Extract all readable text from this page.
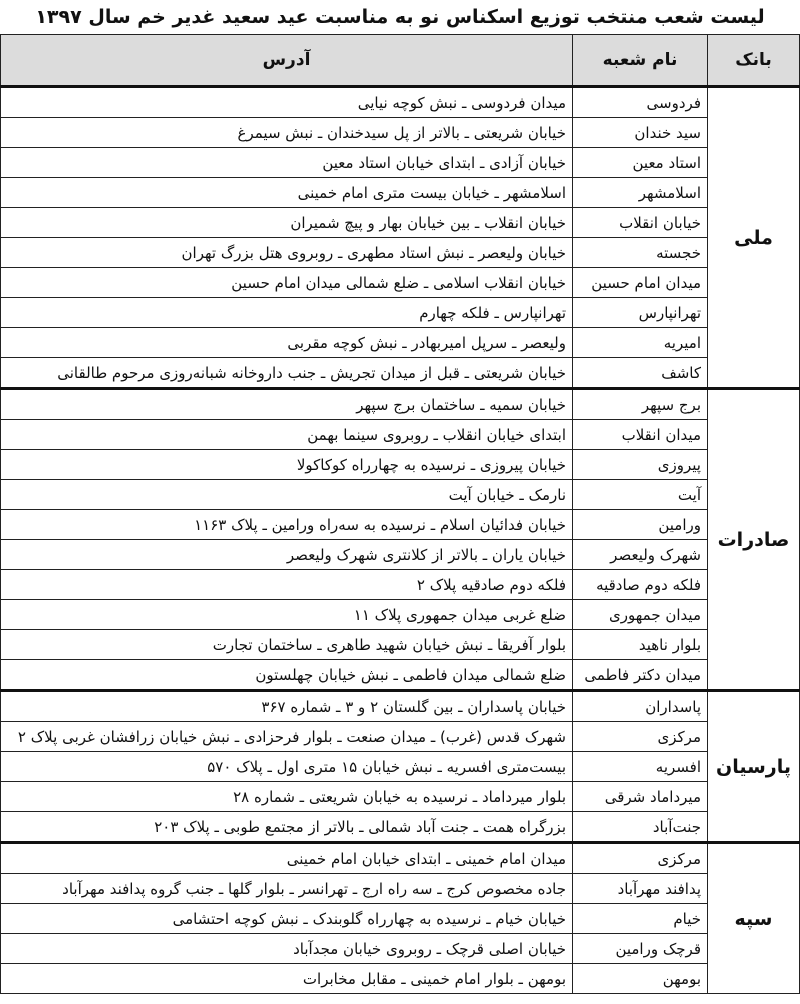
لیست شعب منتخب توزیع اسکناس نو به مناسبت عید سعید غدیر خم سال ۱۳۹۷
بانک	نام شعبه	آدرس
ملی	فردوسی	میدان فردوسی ـ نبش کوچه نیایی
	سید خندان	خیابان شریعتی ـ بالاتر از پل سیدخندان ـ نبش سیمرغ
	استاد معین	خیابان آزادی ـ ابتدای خیابان استاد معین
	اسلامشهر	اسلامشهر ـ خیابان بیست متری امام خمینی
	خیابان انقلاب	خیابان انقلاب ـ بین خیابان بهار و پیچ شمیران
	خجسته	خیابان ولیعصر ـ نبش استاد مطهری ـ روبروی هتل بزرگ تهران
	میدان امام حسین	خیابان انقلاب اسلامی ـ ضلع شمالی میدان امام حسین
	تهرانپارس	تهرانپارس ـ فلکه چهارم
	امیریه	ولیعصر ـ سرپل امیربهادر ـ نبش کوچه مقربی
	کاشف	خیابان شریعتی ـ قبل از میدان تجریش ـ جنب داروخانه شبانه‌روزی مرحوم طالقانی
صادرات	برج سپهر	خیابان سمیه ـ ساختمان برج سپهر
	میدان انقلاب	ابتدای خیابان انقلاب ـ روبروی سینما بهمن
	پیروزی	خیابان پیروزی ـ نرسیده به چهارراه کوکاکولا
	آیت	نارمک ـ خیابان آیت
	ورامین	خیابان فدائیان اسلام ـ نرسیده به سه‌راه ورامین ـ پلاک ۱۱۶۳
	شهرک ولیعصر	خیابان یاران ـ بالاتر از کلانتری شهرک ولیعصر
	فلکه دوم صادقیه	فلکه دوم صادقیه پلاک ۲
	میدان جمهوری	ضلع غربی میدان جمهوری پلاک ۱۱
	بلوار ناهید	بلوار آفریقا ـ نبش خیابان شهید طاهری ـ ساختمان تجارت
	میدان دکتر فاطمی	ضلع شمالی میدان فاطمی ـ نبش خیابان چهلستون
پارسیان	پاسداران	خیابان پاسداران ـ بین گلستان ۲ و ۳ ـ شماره ۳۶۷
	مرکزی	شهرک قدس (غرب) ـ میدان صنعت ـ بلوار فرحزادی ـ نبش خیابان زرافشان غربی پلاک ۲
	افسریه	بیست‌متری افسریه ـ نبش خیابان ۱۵ متری اول ـ پلاک ۵۷۰
	میرداماد شرقی	بلوار میرداماد ـ نرسیده به خیابان شریعتی ـ شماره ۲۸
	جنت‌آباد	بزرگراه همت ـ جنت آباد شمالی ـ بالاتر از مجتمع طوبی ـ پلاک ۲۰۳
سپه	مرکزی	میدان امام خمینی ـ ابتدای خیابان امام خمینی
	پدافند مهرآباد	جاده مخصوص کرج ـ سه راه ارج ـ تهرانسر ـ بلوار گلها ـ جنب گروه پدافند مهرآباد
	خیام	خیابان خیام ـ نرسیده به چهارراه گلوبندک ـ نبش کوچه احتشامی
	قرچک ورامین	خیابان اصلی قرچک ـ روبروی خیابان مجدآباد
	بومهن	بومهن ـ بلوار امام خمینی ـ مقابل مخابرات
